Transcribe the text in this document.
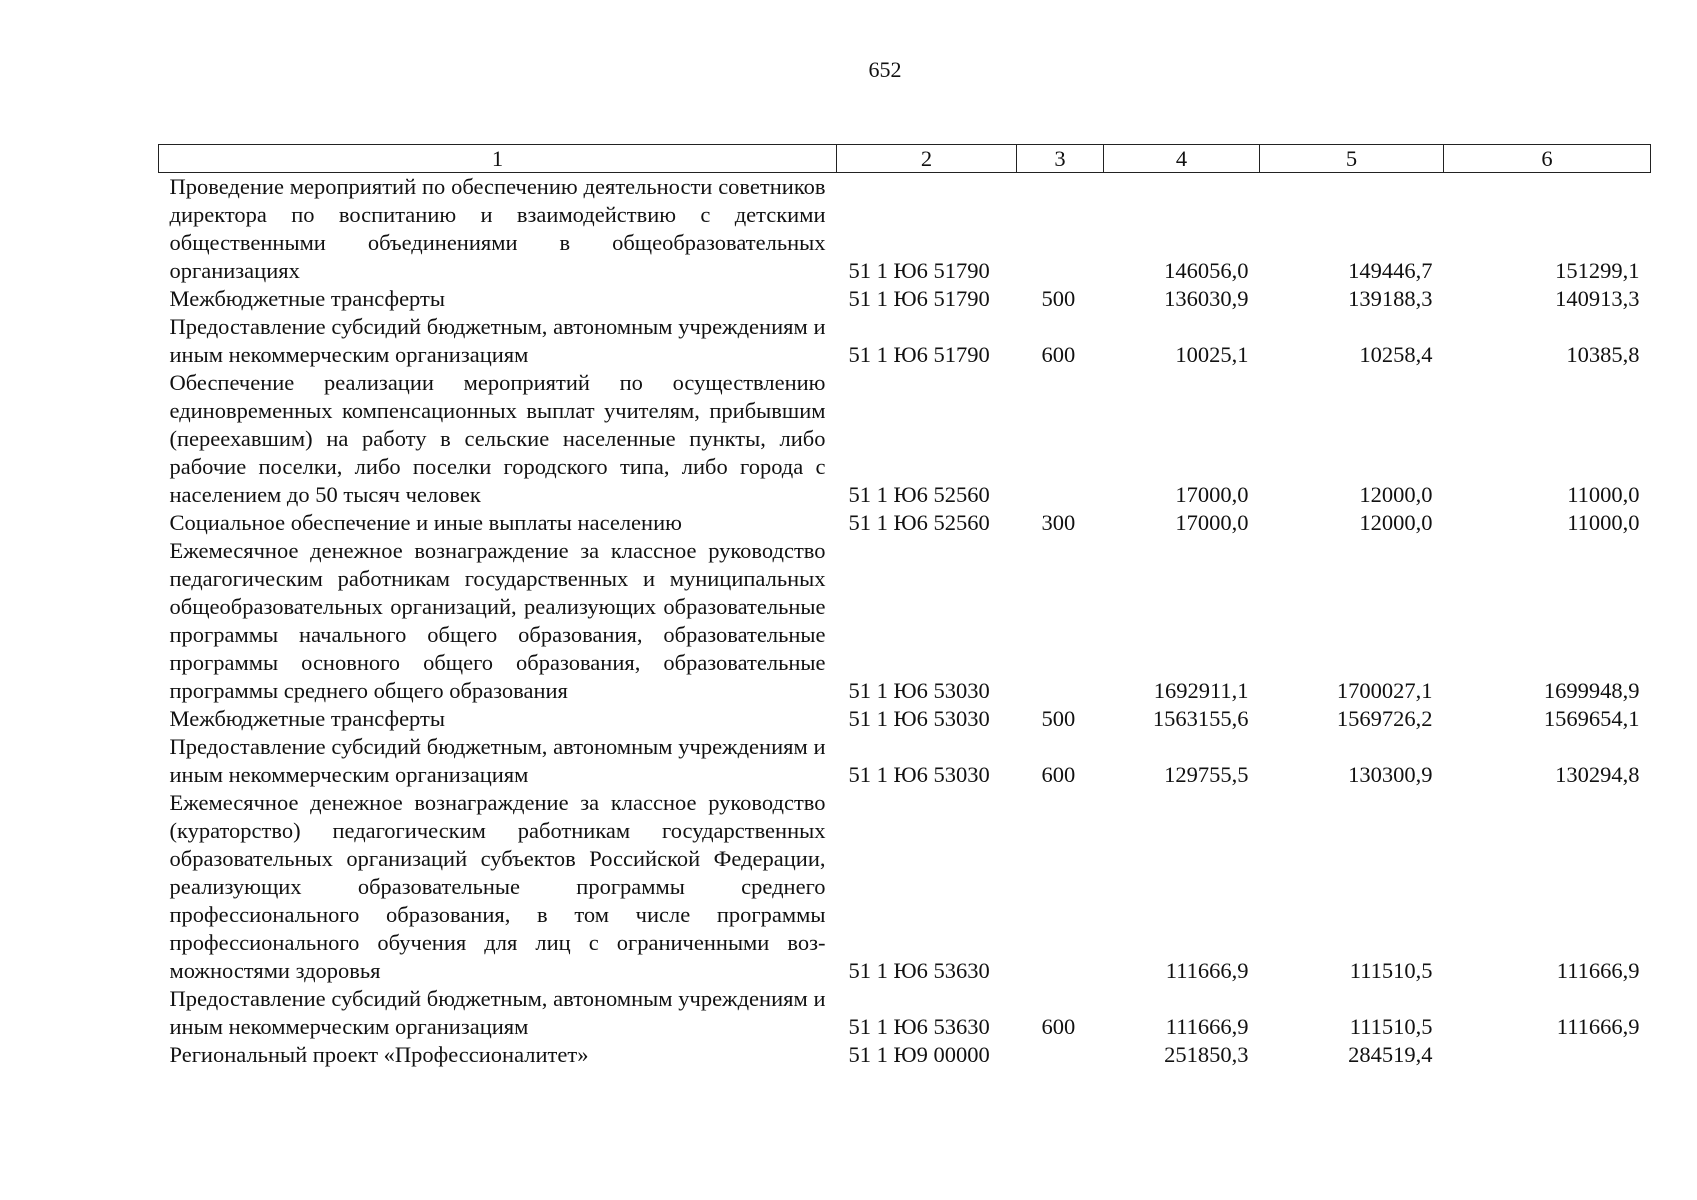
652
1	2	3	4	5	6
Проведение мероприятий по обеспечению деятельности советников директора по воспитанию и взаимодействию с детскими общественными объединениями в общеобразовательных организациях	51 1 Ю6 51790		146056,0	149446,7	151299,1
Межбюджетные трансферты	51 1 Ю6 51790	500	136030,9	139188,3	140913,3
Предоставление субсидий бюджетным, автономным учреждениям и иным некоммерческим организациям	51 1 Ю6 51790	600	10025,1	10258,4	10385,8
Обеспечение реализации мероприятий по осуществлению единовременных компенсационных выплат учителям, прибывшим (переехавшим) на работу в сельские населенные пункты, либо рабочие поселки, либо поселки городского типа, либо города с населением до 50 тысяч человек	51 1 Ю6 52560		17000,0	12000,0	11000,0
Социальное обеспечение и иные выплаты населению	51 1 Ю6 52560	300	17000,0	12000,0	11000,0
Ежемесячное денежное вознаграждение за классное руководство педагогическим работникам государственных и муниципальных общеобразовательных организаций, реализующих образовательные программы начального общего образования, образовательные программы основного общего образования, образовательные программы среднего общего образования	51 1 Ю6 53030		1692911,1	1700027,1	1699948,9
Межбюджетные трансферты	51 1 Ю6 53030	500	1563155,6	1569726,2	1569654,1
Предоставление субсидий бюджетным, автономным учреждениям и иным некоммерческим организациям	51 1 Ю6 53030	600	129755,5	130300,9	130294,8
Ежемесячное денежное вознаграждение за классное руководство (кураторство) педагогическим работникам государственных образовательных организаций субъектов Российской Федерации, реализующих образовательные программы среднего профессионального образования, в том числе программы профессионального обучения для лиц с ограниченными возможностями здоровья	51 1 Ю6 53630		111666,9	111510,5	111666,9
Предоставление субсидий бюджетным, автономным учреждениям и иным некоммерческим организациям	51 1 Ю6 53630	600	111666,9	111510,5	111666,9
Региональный проект «Профессионалитет»	51 1 Ю9 00000		251850,3	284519,4	
